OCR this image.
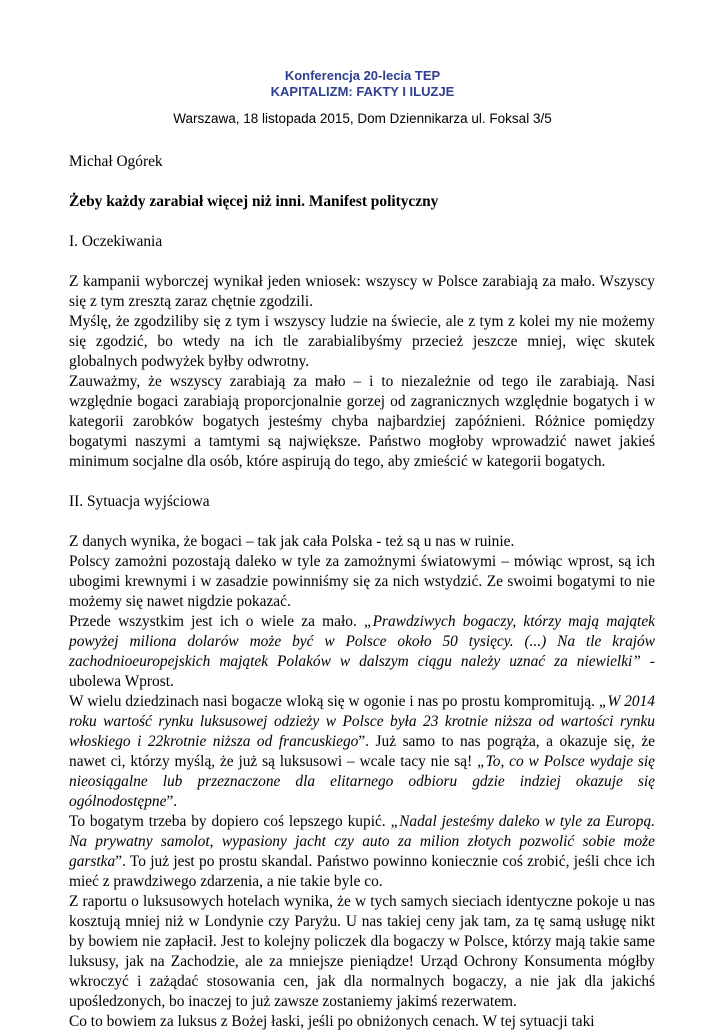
Konferencja 20-lecia TEP
KAPITALIZM: FAKTY I ILUZJE
Warszawa, 18 listopada 2015, Dom Dziennikarza ul. Foksal 3/5

Michał Ogórek

Żeby każdy zarabiał więcej niż inni. Manifest polityczny

I. Oczekiwania

Z kampanii wyborczej wynikał jeden wniosek: wszyscy w Polsce zarabiają za mało. Wszyscy się z tym zresztą zaraz chętnie zgodzili.

Myślę, że zgodziliby się z tym i wszyscy ludzie na świecie, ale z tym z kolei my nie możemy się zgodzić, bo wtedy na ich tle zarabialibyśmy przecież jeszcze mniej, więc skutek globalnych podwyżek byłby odwrotny.

Zauważmy, że wszyscy zarabiają za mało – i to niezależnie od tego ile zarabiają. Nasi względnie bogaci zarabiają proporcjonalnie gorzej od zagranicznych względnie bogatych i w kategorii zarobków bogatych jesteśmy chyba najbardziej zapóźnieni. Różnice pomiędzy bogatymi naszymi a tamtymi są największe. Państwo mogłoby wprowadzić nawet jakieś minimum socjalne dla osób, które aspirują do tego, aby zmieścić w kategorii bogatych.

II. Sytuacja wyjściowa

Z danych wynika, że bogaci – tak jak cała Polska - też są u nas w ruinie.

Polscy zamożni pozostają daleko w tyle za zamożnymi światowymi – mówiąc wprost, są ich ubogimi krewnymi i w zasadzie powinniśmy się za nich wstydzić. Ze swoimi bogatymi to nie możemy się nawet nigdzie pokazać.

Przede wszystkim jest ich o wiele za mało. „Prawdziwych bogaczy, którzy mają majątek powyżej miliona dolarów może być w Polsce około 50 tysięcy. (...) Na tle krajów zachodnioeuropejskich majątek Polaków w dalszym ciągu należy uznać za niewielki” - ubolewa Wprost.

W wielu dziedzinach nasi bogacze wloką się w ogonie i nas po prostu kompromitują. „W 2014 roku wartość rynku luksusowej odzieży w Polsce była 23 krotnie niższa od wartości rynku włoskiego i 22krotnie niższa od francuskiego”. Już samo to nas pogrąża, a okazuje się, że nawet ci, którzy myślą, że już są luksusowi – wcale tacy nie są! „To, co w Polsce wydaje się nieosiągalne lub przeznaczone dla elitarnego odbioru gdzie indziej okazuje się ogólnodostępne”.

To bogatym trzeba by dopiero coś lepszego kupić. „Nadal jesteśmy daleko w tyle za Europą. Na prywatny samolot, wypasiony jacht czy auto za milion złotych pozwolić sobie może garstka”. To już jest po prostu skandal. Państwo powinno koniecznie coś zrobić, jeśli chce ich mieć z prawdziwego zdarzenia, a nie takie byle co.

Z raportu o luksusowych hotelach wynika, że w tych samych sieciach identyczne pokoje u nas kosztują mniej niż w Londynie czy Paryżu. U nas takiej ceny jak tam, za tę samą usługę nikt by bowiem nie zapłacił. Jest to kolejny policzek dla bogaczy w Polsce, którzy mają takie same luksusy, jak na Zachodzie, ale za mniejsze pieniądze! Urząd Ochrony Konsumenta mógłby wkroczyć i zażądać stosowania cen, jak dla normalnych bogaczy, a nie jak dla jakichś upośledzonych, bo inaczej to już zawsze zostaniemy jakimś rezerwatem.

Co to bowiem za luksus z Bożej łaski, jeśli po obniżonych cenach. W tej sytuacji taki
